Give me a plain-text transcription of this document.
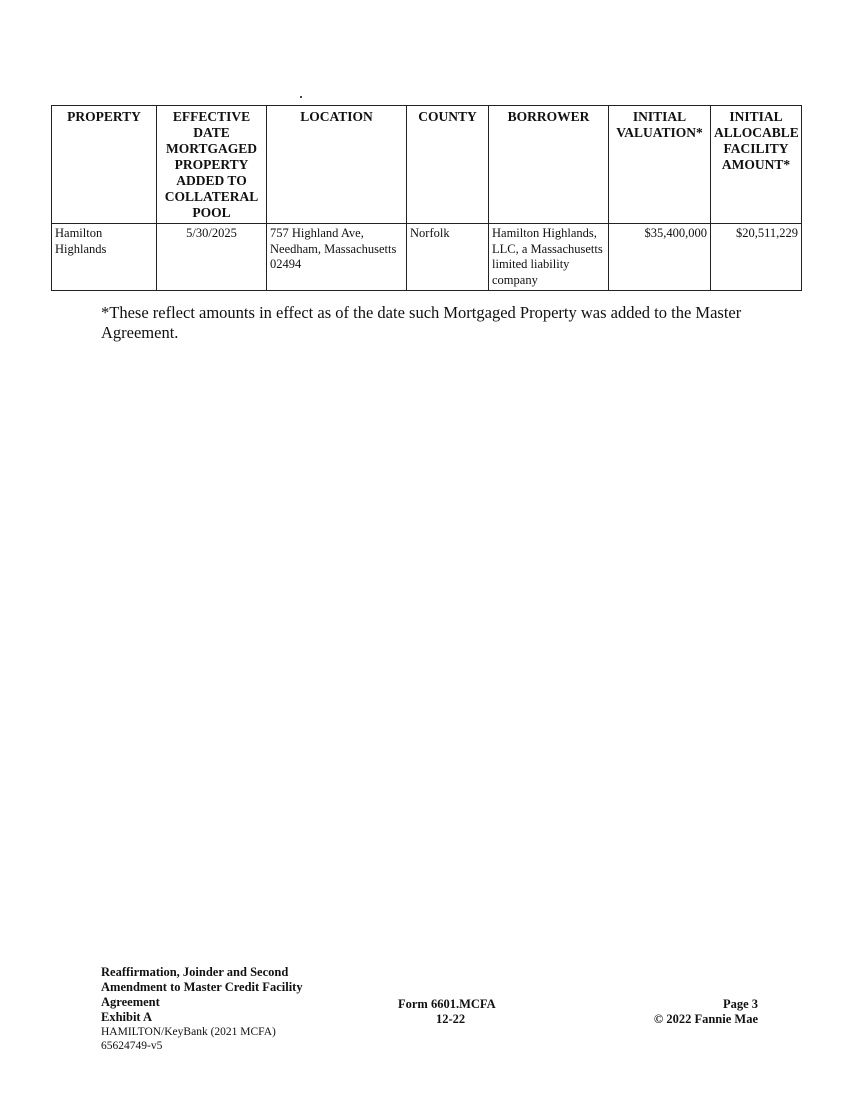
PROPERTY	EFFECTIVE DATE MORTGAGED PROPERTY ADDED TO COLLATERAL POOL	LOCATION	COUNTY	BORROWER	INITIAL VALUATION*	INITIAL ALLOCABLE FACILITY AMOUNT*
Hamilton Highlands	5/30/2025	757 Highland Ave, Needham, Massachusetts 02494	Norfolk	Hamilton Highlands, LLC, a Massachusetts limited liability company	$35,400,000	$20,511,229
*These reflect amounts in effect as of the date such Mortgaged Property was added to the Master Agreement.
Reaffirmation, Joinder and Second
Amendment to Master Credit Facility
Agreement
Exhibit A
HAMILTON/KeyBank (2021 MCFA)
65624749-v5
Form 6601.MCFA
12-22
Page 3
© 2022 Fannie Mae
